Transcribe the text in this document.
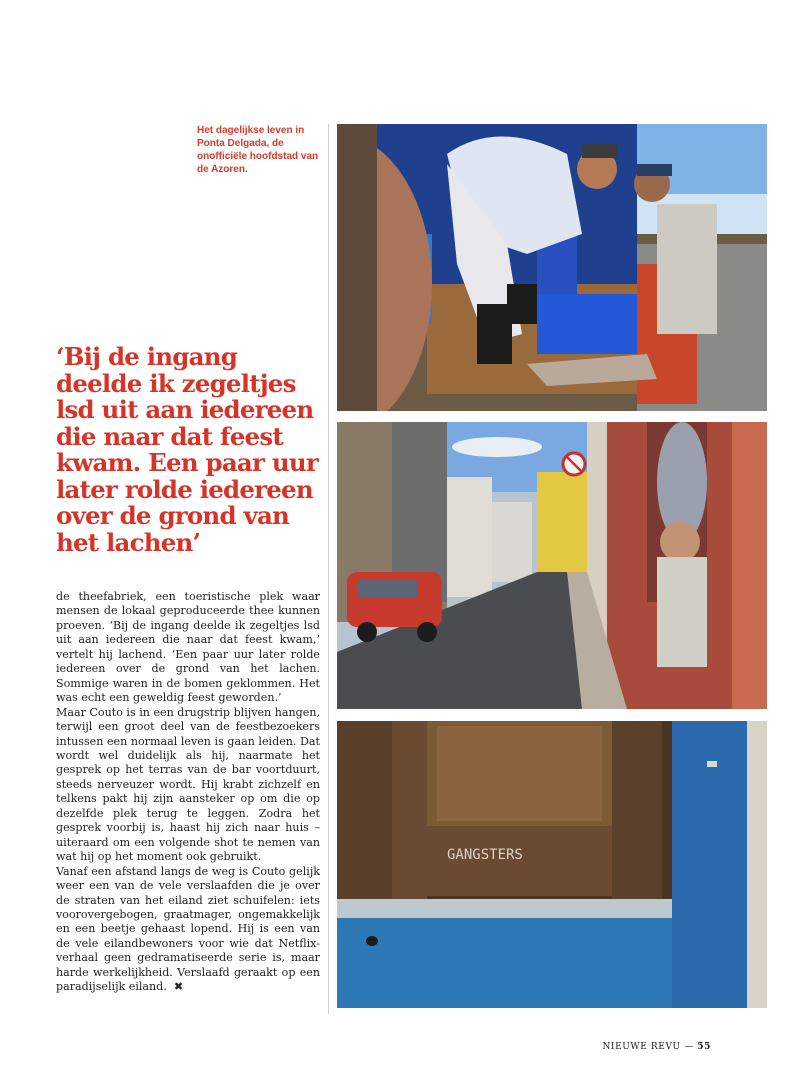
Het dagelijkse leven in Ponta Delgada, de onofficiële hoofdstad van de Azoren.
‘Bij de ingang deelde ik zegeltjes lsd uit aan iedereen die naar dat feest kwam. Een paar uur later rolde iedereen over de grond van het lachen’

de theefabriek, een toeristische plek waar mensen de lokaal geproduceerde thee kunnen proeven. ‘Bij de ingang deelde ik zegeltjes lsd uit aan iedereen die naar dat feest kwam,’ vertelt hij lachend. ‘Een paar uur later rolde iedereen over de grond van het lachen. Sommige waren in de bomen geklommen. Het was echt een geweldig feest geworden.’

Maar Couto is in een drugstrip blijven hangen, terwijl een groot deel van de feestbezoekers intussen een normaal leven is gaan leiden. Dat wordt wel duidelijk als hij, naarmate het gesprek op het terras van de bar voortduurt, steeds nerveuzer wordt. Hij krabt zichzelf en telkens pakt hij zijn aansteker op om die op dezelfde plek terug te leggen. Zodra het gesprek voorbij is, haast hij zich naar huis – uiteraard om een volgende shot te nemen van wat hij op het moment ook gebruikt.

Vanaf een afstand langs de weg is Couto gelijk weer een van de vele verslaafden die je over de straten van het eiland ziet schuifelen: iets voorovergebogen, graatmager, ongemakkelijk en een beetje gehaast lopend. Hij is een van de vele eilandbewoners voor wie dat Netflix-verhaal geen gedramatiseerde serie is, maar harde werkelijkheid. Verslaafd geraakt op een paradijselijk eiland. ✖

GANGSTERS
NIEUWE REVU — 55
